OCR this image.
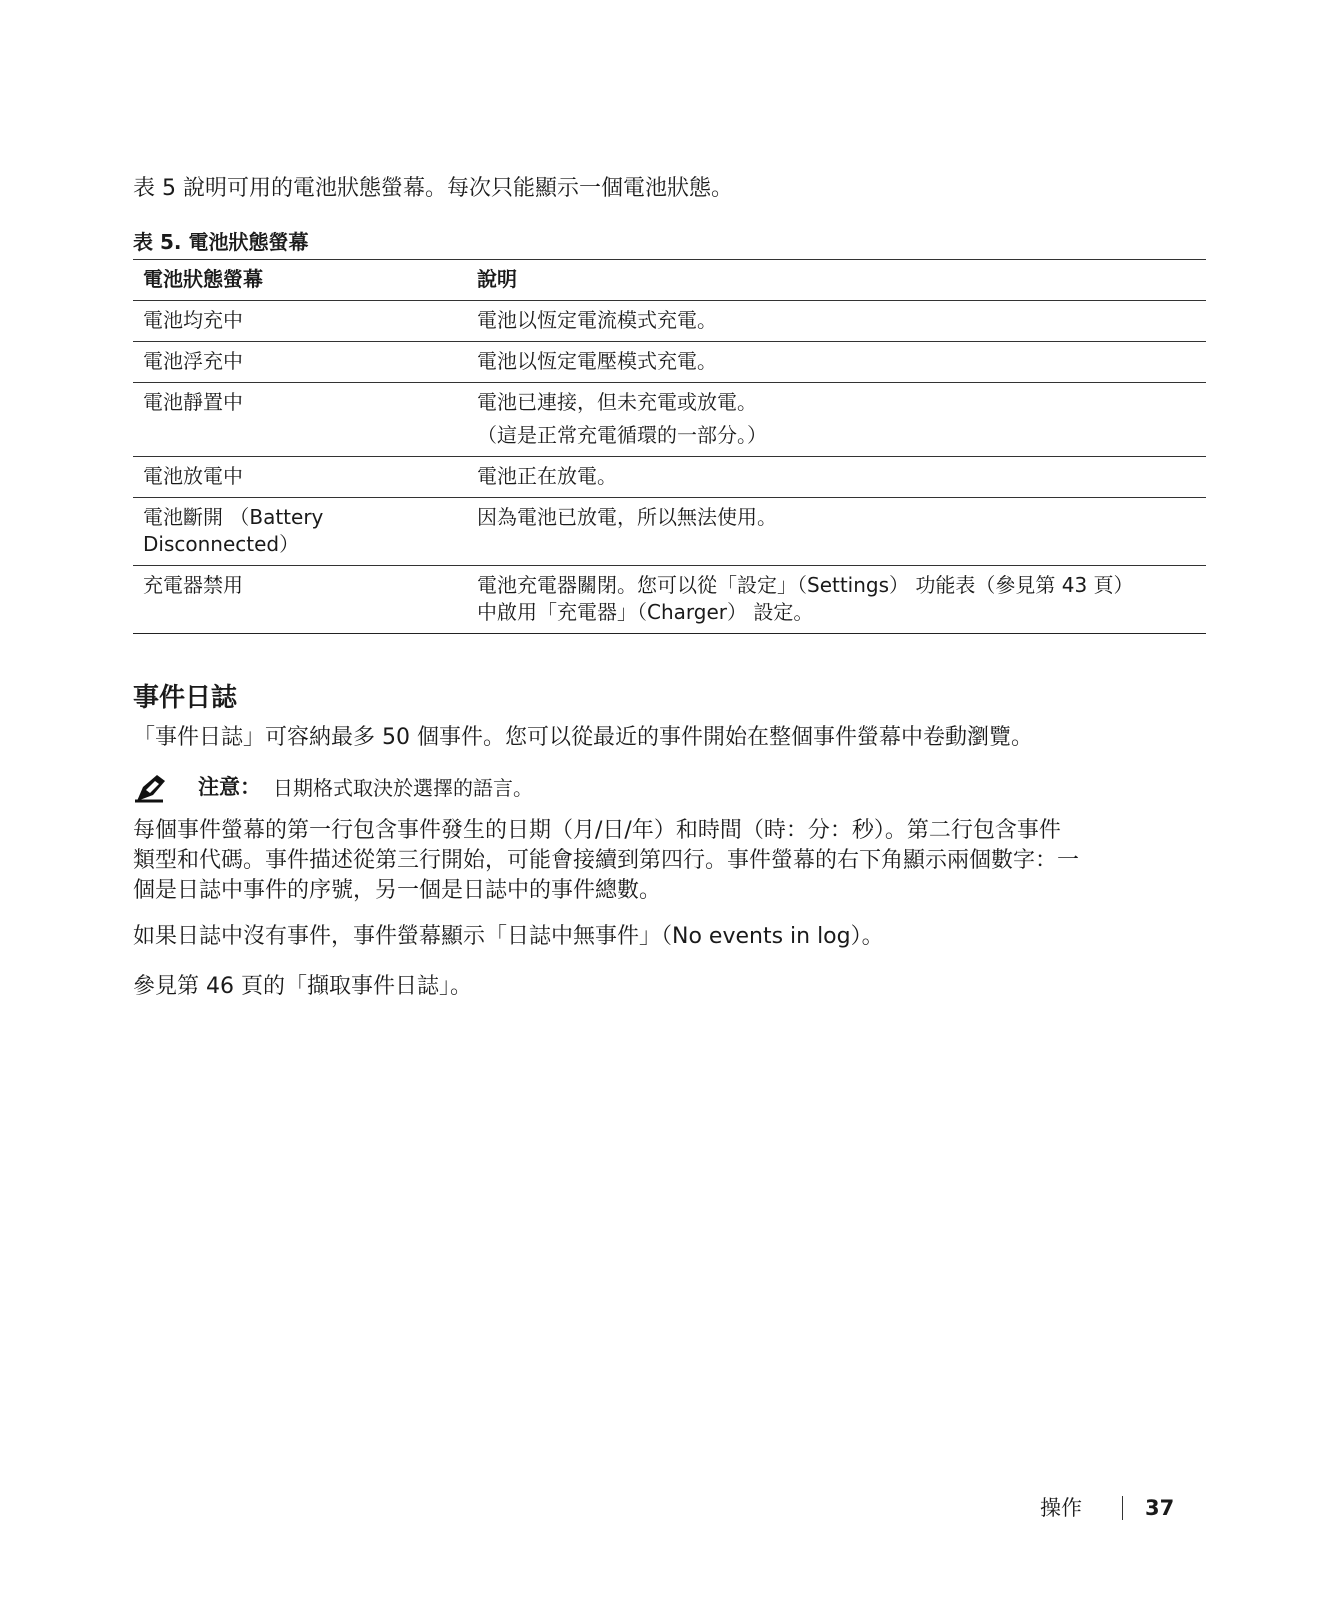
表 5 說明可用的電池狀態螢幕。每次只能顯示一個電池狀態。

表 5. 電池狀態螢幕

電池狀態螢幕	說明
電池均充中	電池以恆定電流模式充電。
電池浮充中	電池以恆定電壓模式充電。
電池靜置中	電池已連接，但未充電或放電。
（這是正常充電循環的一部分。）

電池放電中	電池正在放電。
電池斷開 （Battery Disconnected）	因為電池已放電，所以無法使用。
充電器禁用	電池充電器關閉。您可以從「設定」（Settings） 功能表（參見第 43 頁）
中啟用「充電器」（Charger） 設定。
事件日誌

「事件日誌」可容納最多 50 個事件。您可以從最近的事件開始在整個事件螢幕中卷動瀏覽。

注意： 日期格式取決於選擇的語言。

每個事件螢幕的第一行包含事件發生的日期（月/日/年）和時間（時：分：秒）。第二行包含事件
類型和代碼。事件描述從第三行開始，可能會接續到第四行。事件螢幕的右下角顯示兩個數字：一
個是日誌中事件的序號，另一個是日誌中的事件總數。

如果日誌中沒有事件，事件螢幕顯示「日誌中無事件」（No events in log）。

參見第 46 頁的「擷取事件日誌」。

操作	37
